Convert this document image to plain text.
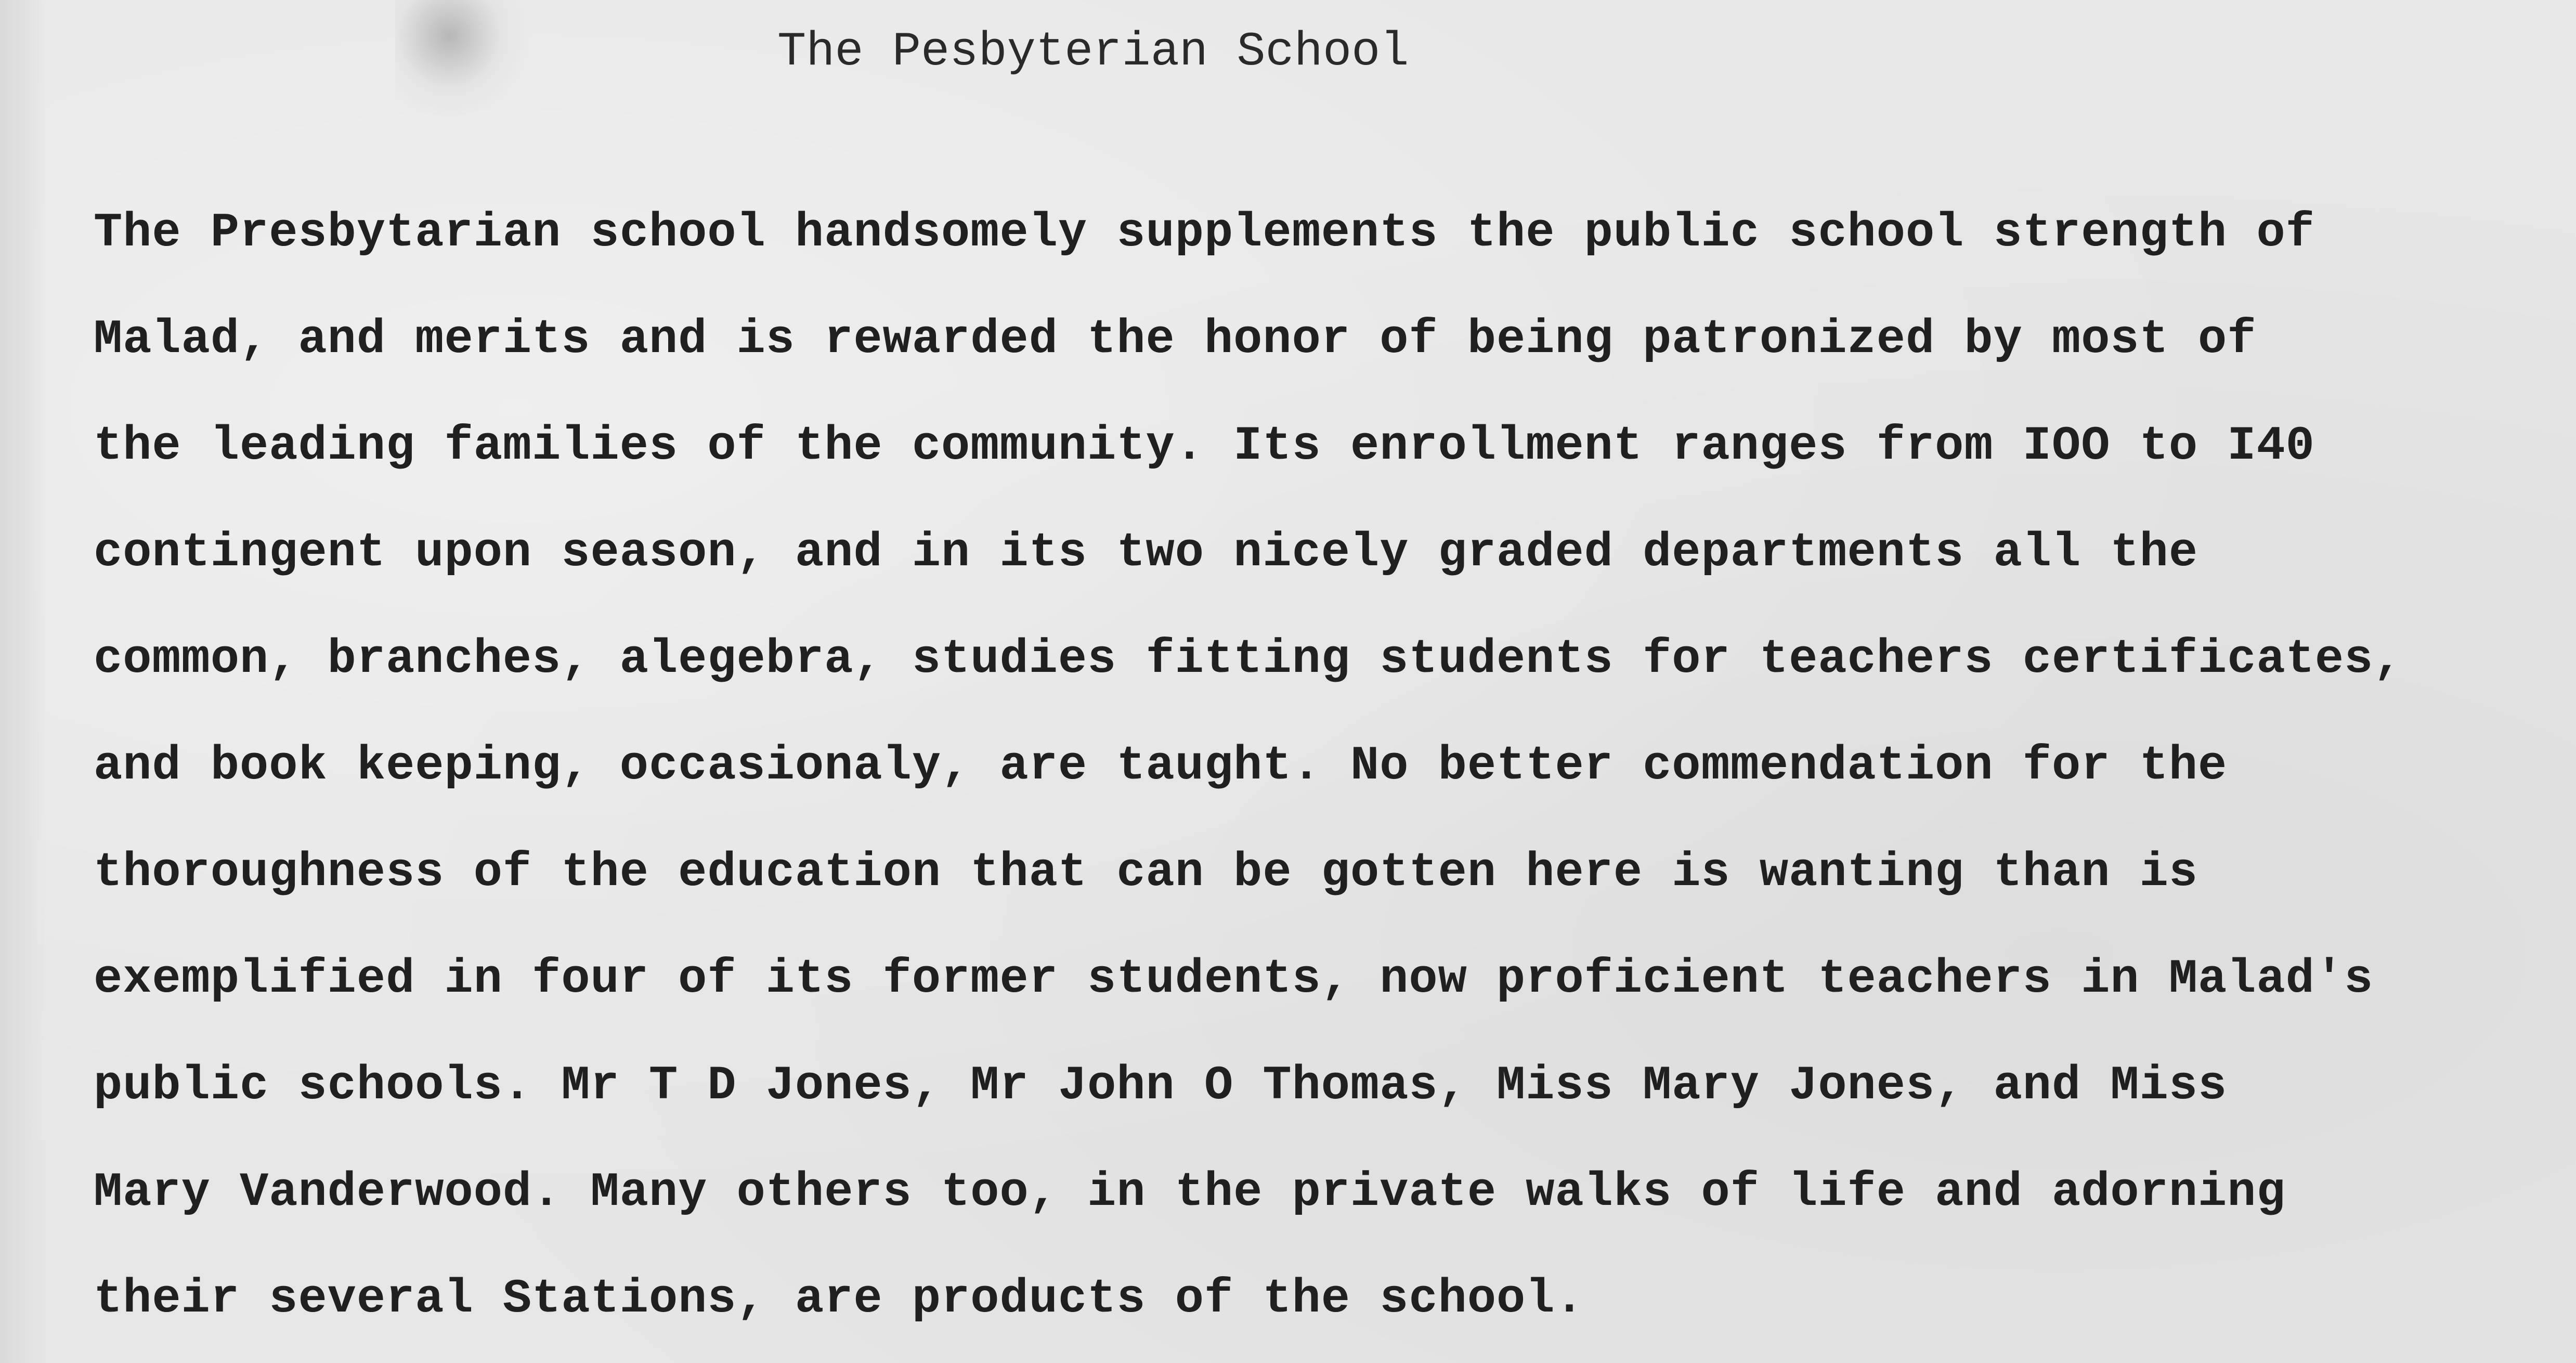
The Pesbyterian School
The Presbytarian school handsomely supplements the public school strength of
Malad, and merits and is rewarded the honor of being patronized by most of
the leading families of the community. Its enrollment ranges from IOO to I40
contingent upon season, and in its two nicely graded departments all the
common, branches, alegebra, studies fitting students for teachers certificates,
and book keeping, occasionaly, are taught. No better commendation for the
thoroughness of the education that can be gotten here is wanting than is
exemplified in four of its former students, now proficient teachers in Malad's
public schools. Mr T D Jones, Mr John O Thomas, Miss Mary Jones, and Miss
Mary Vanderwood. Many others too, in the private walks of life and adorning
their several Stations, are products of the school.
